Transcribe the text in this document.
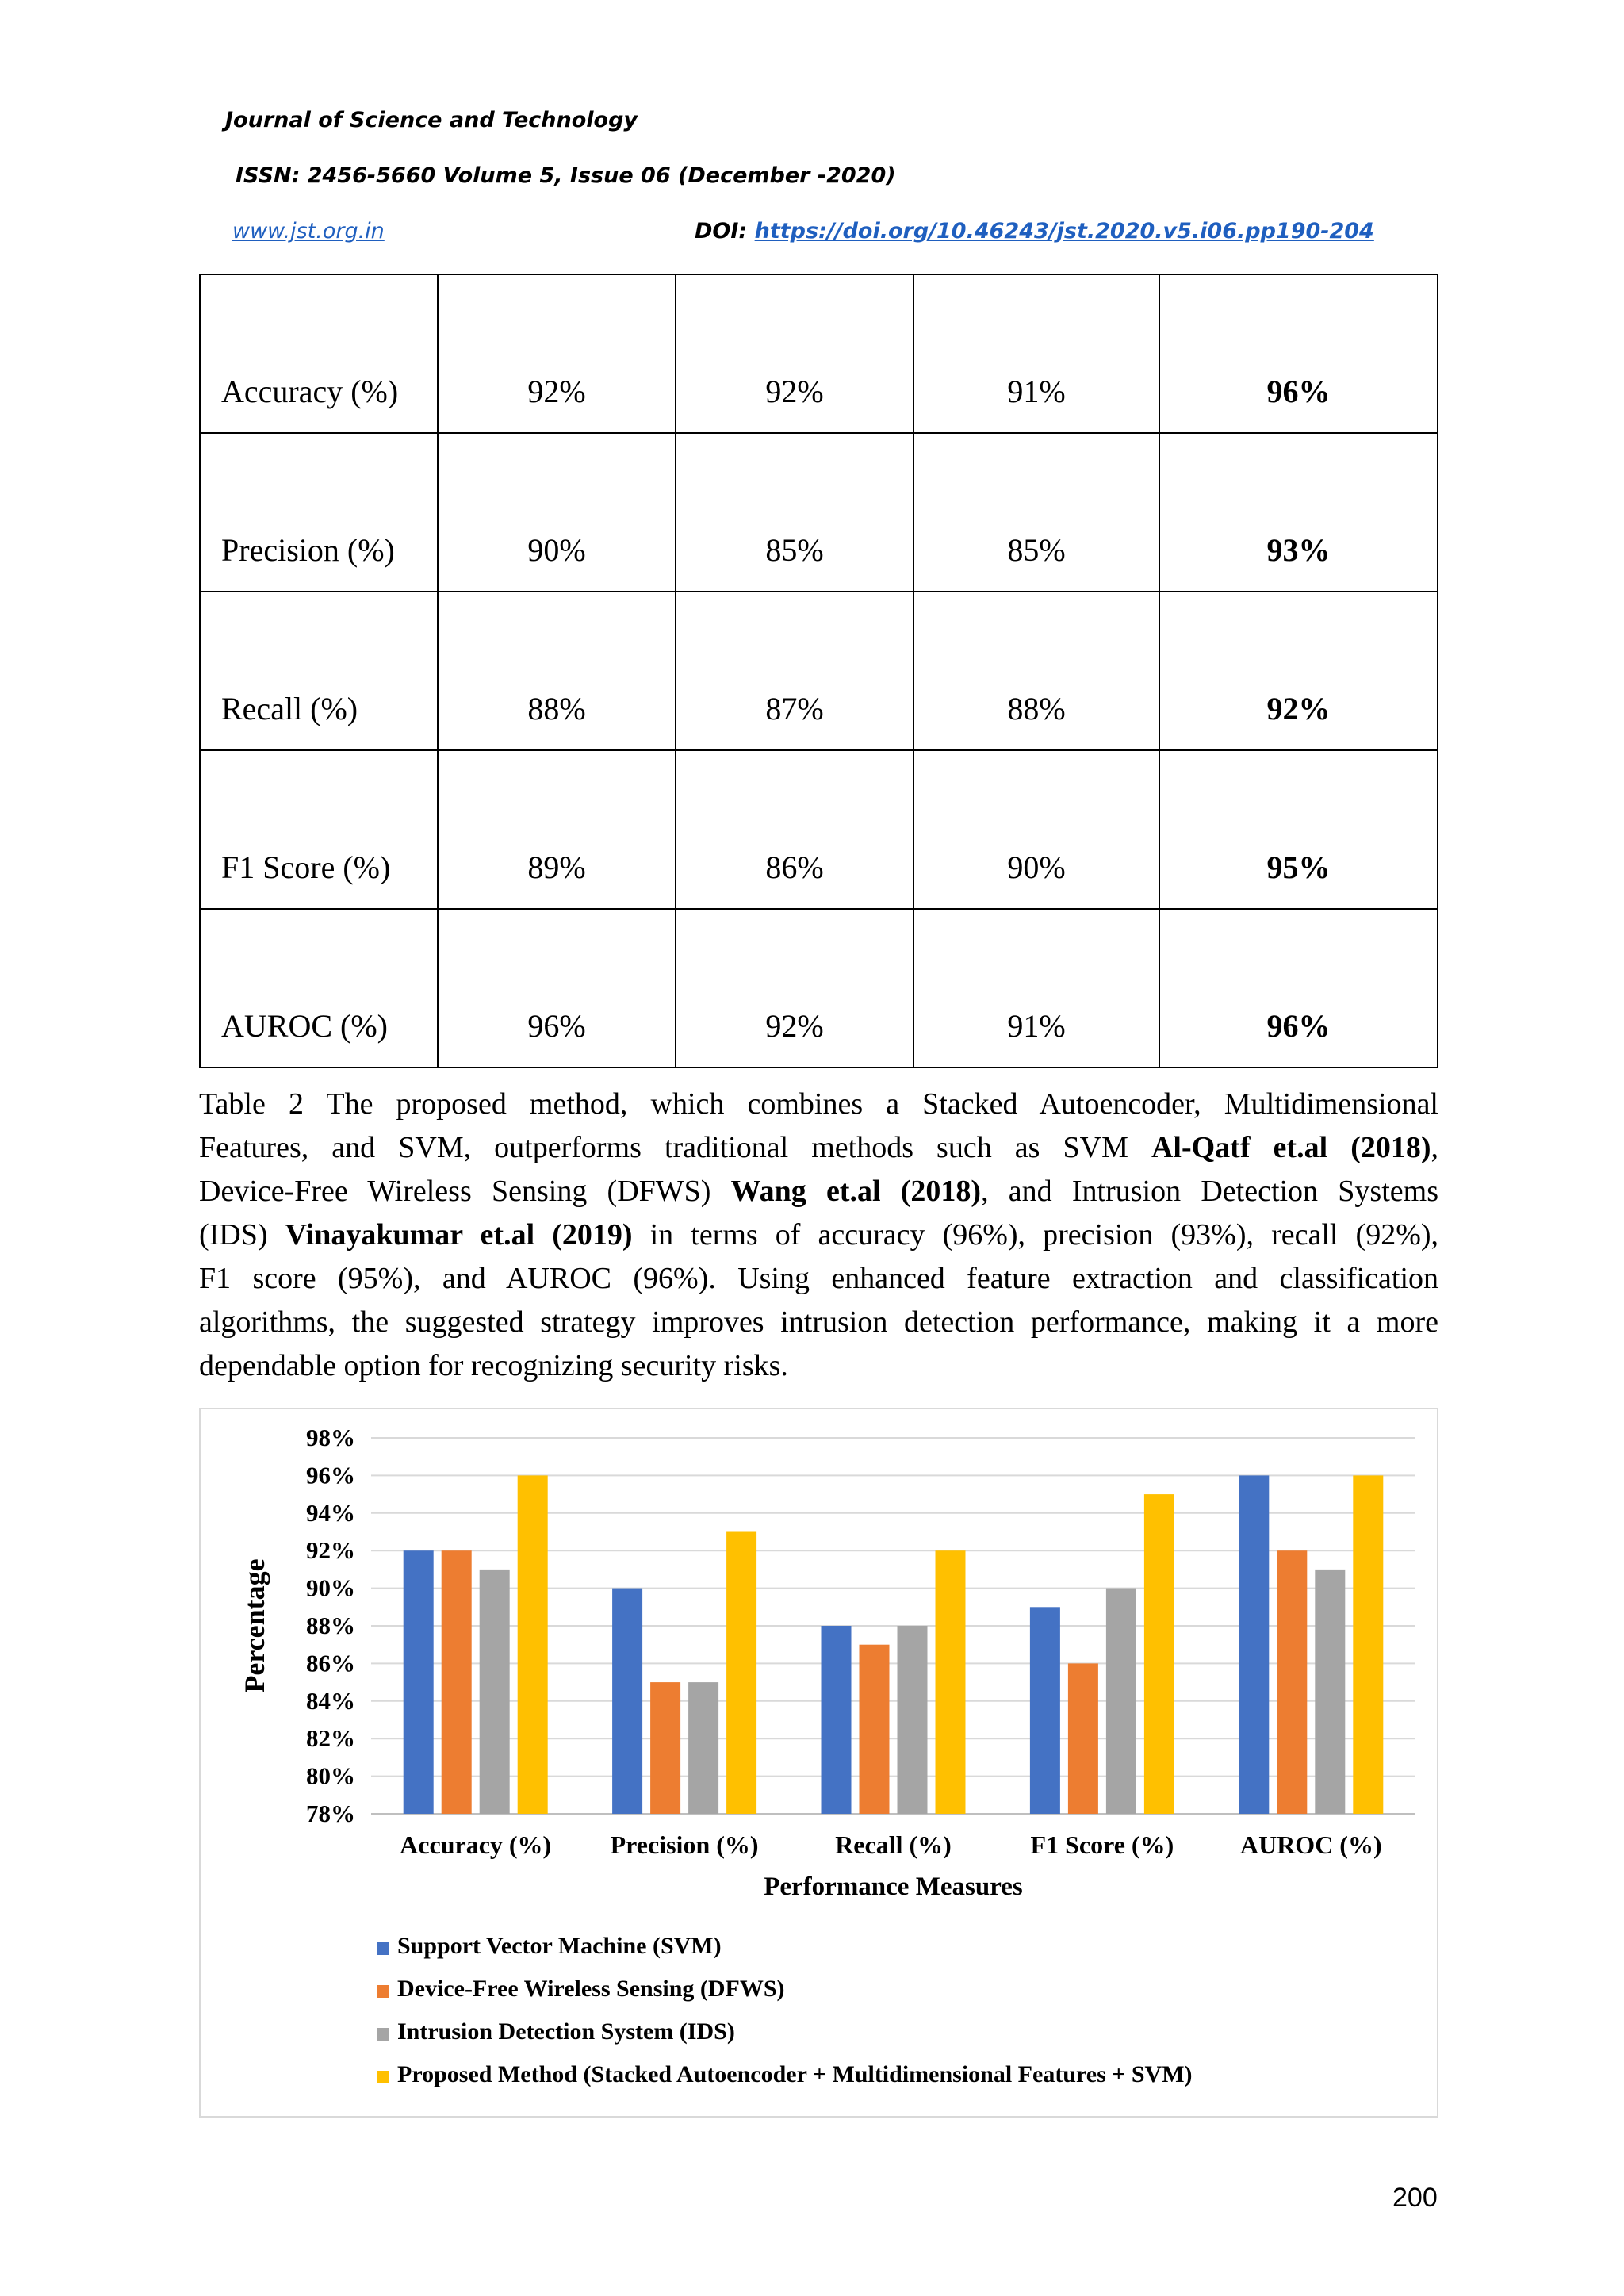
Journal of Science and Technology
ISSN: 2456-5660 Volume 5, Issue 06 (December -2020)
www.jst.org.in	DOI: https://doi.org/10.46243/jst.2020.v5.i06.pp190-204
Accuracy (%)	92%	92%	91%	96%
Precision (%)	90%	85%	85%	93%
Recall (%)	88%	87%	88%	92%
F1 Score (%)	89%	86%	90%	95%
AUROC (%)	96%	92%	91%	96%
Table 2 The proposed method, which combines a Stacked Autoencoder, Multidimensional
Features, and SVM, outperforms traditional methods such as SVM Al-Qatf et.al (2018),
Device-Free Wireless Sensing (DFWS) Wang et.al (2018), and Intrusion Detection Systems
(IDS) Vinayakumar et.al (2019) in terms of accuracy (96%), precision (93%), recall (92%),
F1 score (95%), and AUROC (96%). Using enhanced feature extraction and classification
algorithms, the suggested strategy improves intrusion detection performance, making it a more
dependable option for recognizing security risks.
78%
80%
82%
84%
86%
88%
90%
92%
94%
96%
98%
Accuracy (%) Precision (%)	Recall (%)	F1 Score (%)	AUROC (%)
Performance Measures
Percentage
Support Vector Machine (SVM)
Device-Free Wireless Sensing (DFWS)
Intrusion Detection System (IDS)
Proposed Method (Stacked Autoencoder + Multidimensional Features + SVM)
200
